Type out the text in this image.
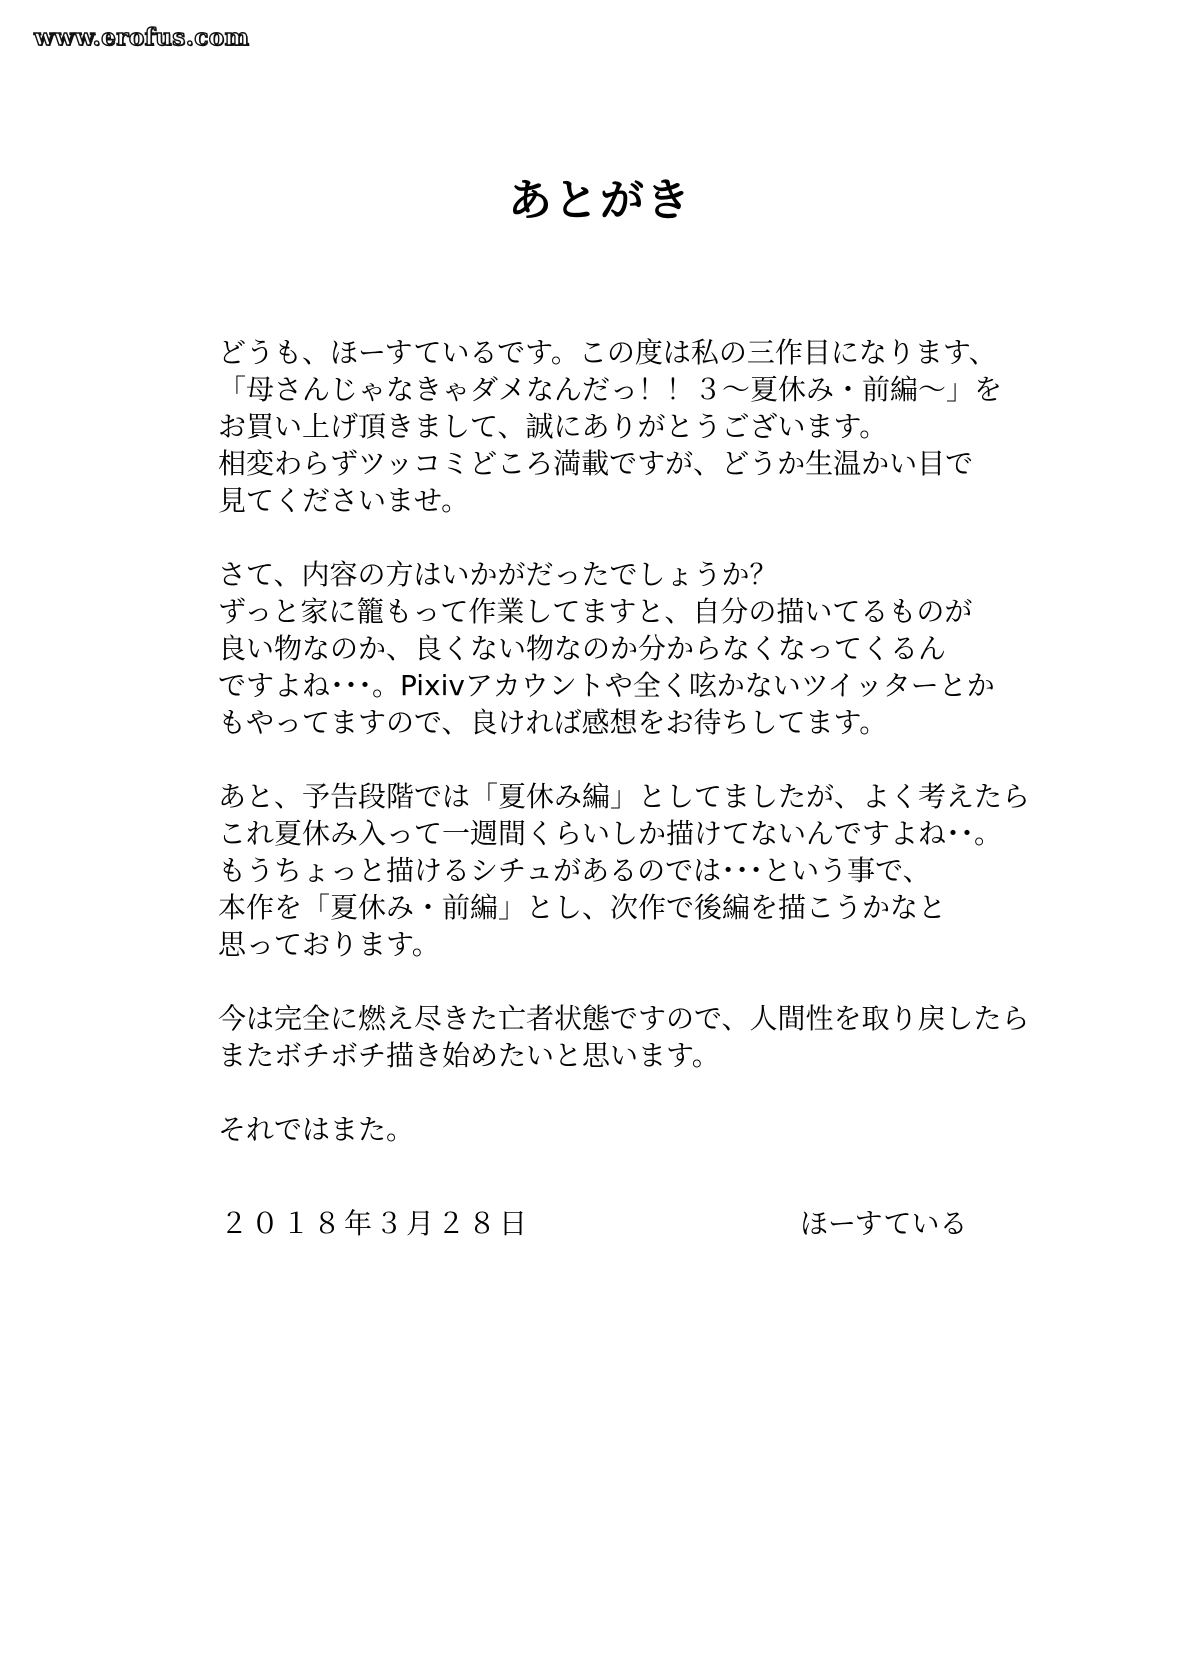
www.erofus.com
あとがき

どうも、ほーすているです。この度は私の三作目になります、
「母さんじゃなきゃダメなんだっ！！３～夏休み・前編～」を
お買い上げ頂きまして、誠にありがとうございます。
相変わらずツッコミどころ満載ですが、どうか生温かい目で
見てくださいませ。

さて、内容の方はいかがだったでしょうか？
ずっと家に籠もって作業してますと、自分の描いてるものが
良い物なのか、良くない物なのか分からなくなってくるん
ですよね･･･。Pixivアカウントや全く呟かないツイッターとか
もやってますので、良ければ感想をお待ちしてます。

あと、予告段階では「夏休み編」としてましたが、よく考えたら
これ夏休み入って一週間くらいしか描けてないんですよね･･。
もうちょっと描けるシチュがあるのでは･･･という事で、
本作を「夏休み・前編」とし、次作で後編を描こうかなと
思っております。

今は完全に燃え尽きた亡者状態ですので、人間性を取り戻したら
またボチボチ描き始めたいと思います。

それではまた。

２０１８年３月２８日	ほーすている
